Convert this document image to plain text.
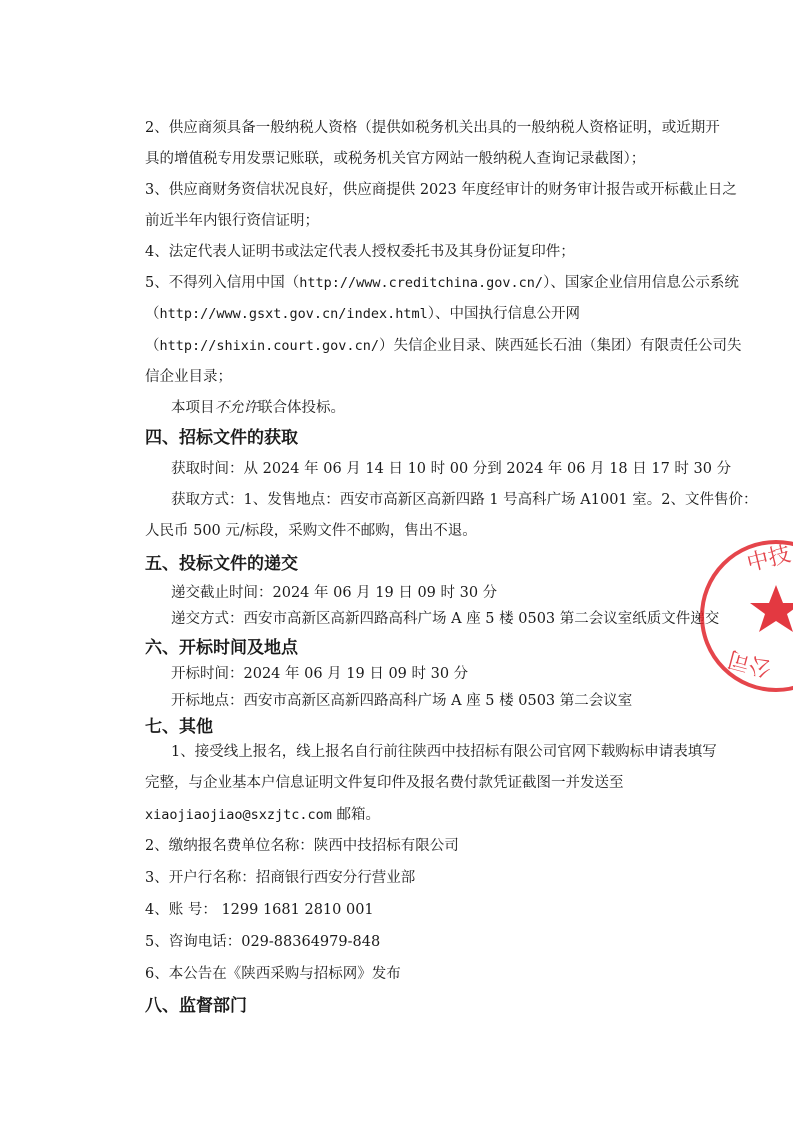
2、供应商须具备一般纳税人资格（提供如税务机关出具的一般纳税人资格证明，或近期开
具的增值税专用发票记账联，或税务机关官方网站一般纳税人查询记录截图）；
3、供应商财务资信状况良好，供应商提供 2023 年度经审计的财务审计报告或开标截止日之
前近半年内银行资信证明；
4、法定代表人证明书或法定代表人授权委托书及其身份证复印件；
5、不得列入信用中国（http://www.creditchina.gov.cn/）、国家企业信用信息公示系统
（http://www.gsxt.gov.cn/index.html）、中国执行信息公开网
（http://shixin.court.gov.cn/）失信企业目录、陕西延长石油（集团）有限责任公司失
信企业目录；
本项目不允许联合体投标。
四、招标文件的获取
获取时间：从 2024 年 06 月 14 日 10 时 00 分到 2024 年 06 月 18 日 17 时 30 分
获取方式：1、发售地点：西安市高新区高新四路 1 号高科广场 A1001 室。2、文件售价：
人民币 500 元/标段，采购文件不邮购，售出不退。
五、投标文件的递交
递交截止时间：2024 年 06 月 19 日 09 时 30 分
递交方式：西安市高新区高新四路高科广场 A 座 5 楼 0503 第二会议室纸质文件递交
六、开标时间及地点
开标时间：2024 年 06 月 19 日 09 时 30 分
开标地点：西安市高新区高新四路高科广场 A 座 5 楼 0503 第二会议室
七、其他
1、接受线上报名，线上报名自行前往陕西中技招标有限公司官网下载购标申请表填写
完整，与企业基本户信息证明文件复印件及报名费付款凭证截图一并发送至
xiaojiaojiao@sxzjtc.com 邮箱。
2、缴纳报名费单位名称：陕西中技招标有限公司
3、开户行名称：招商银行西安分行营业部
4、账 号： 1299 1681 2810 001
5、咨询电话：029-88364979-848
6、本公告在《陕西采购与招标网》发布
八、监督部门
中技
公司
